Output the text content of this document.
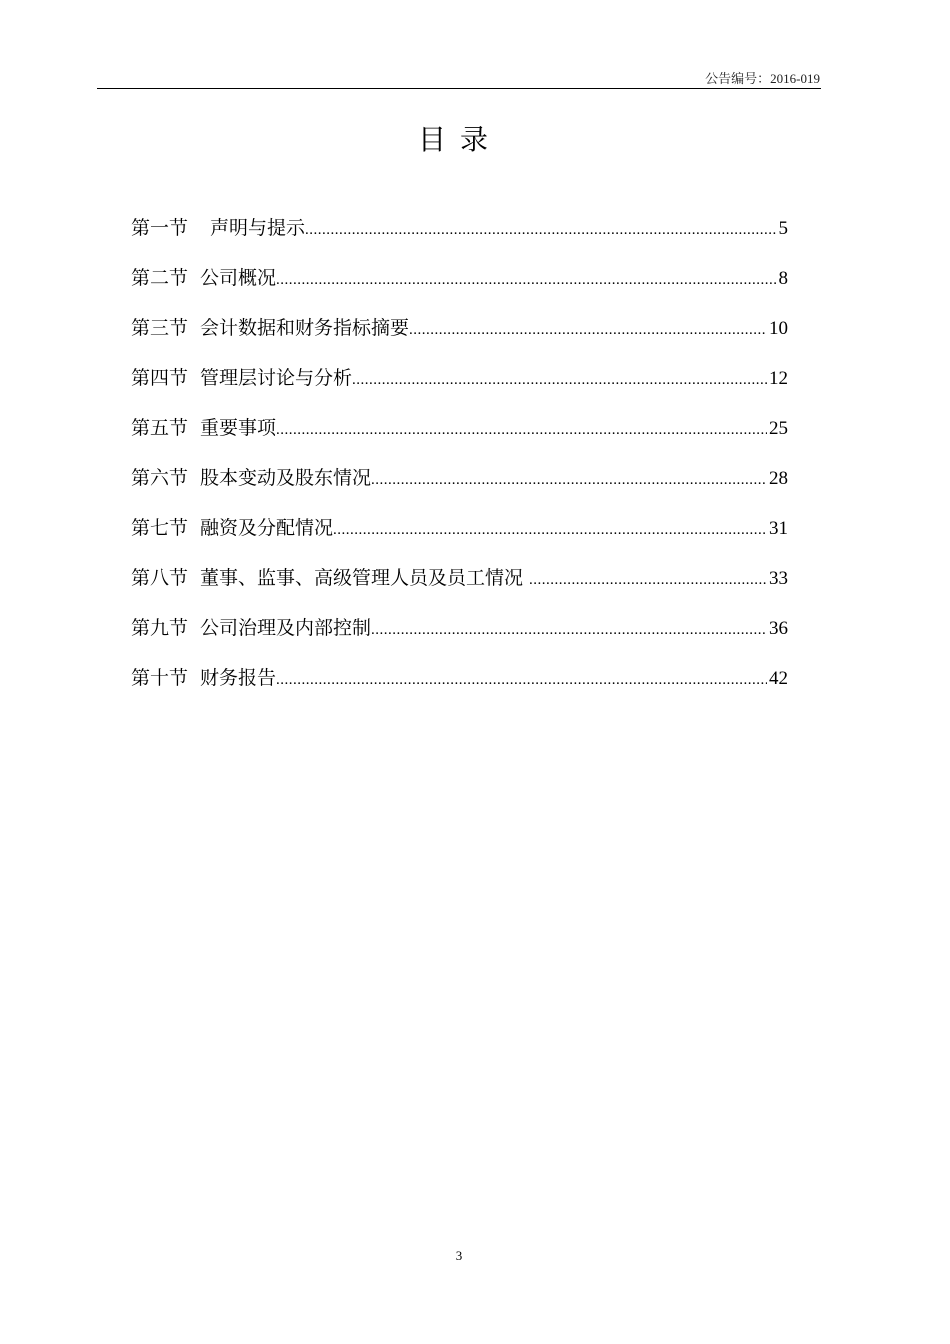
公告编号：2016-019
目录
第一节 声明与提示 .....	5
第二节 公司概况 .....	8
第三节 会计数据和财务指标摘要 .....	10
第四节 管理层讨论与分析 .....	12
第五节 重要事项 .....	25
第六节 股本变动及股东情况 .....	28
第七节 融资及分配情况 .....	31
第八节 董事、监事、高级管理人员及员工情况 .....	33
第九节 公司治理及内部控制 .....	36
第十节 财务报告 .....	42
3
